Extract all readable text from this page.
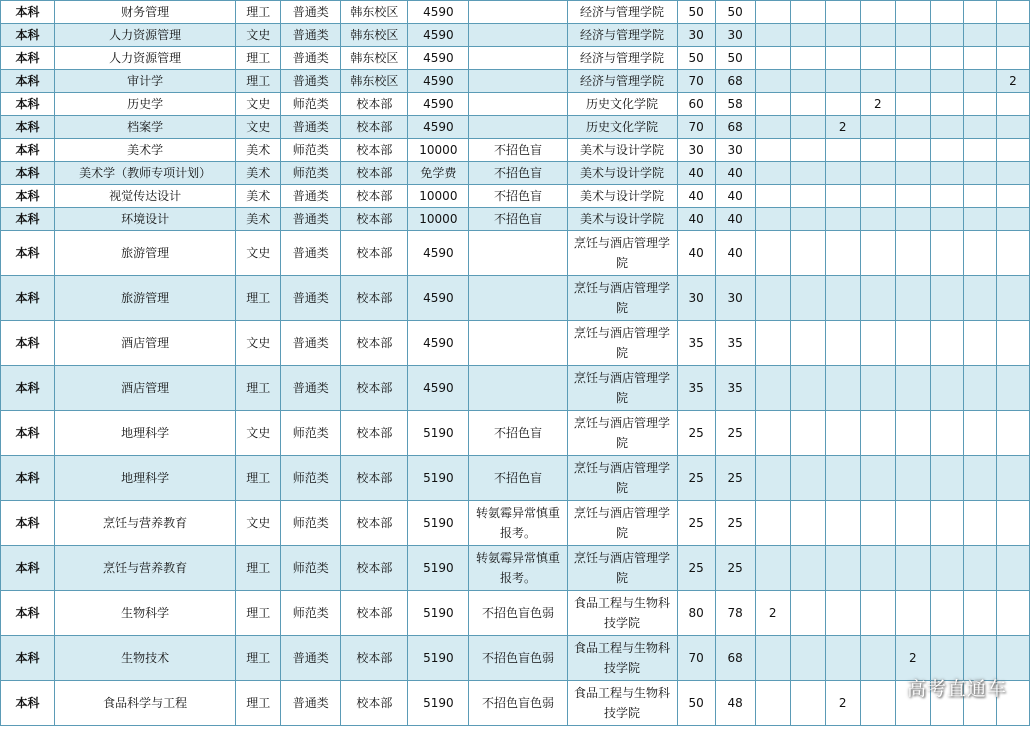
本科	财务管理	理工	普通类	韩东校区	4590		经济与管理学院	50	50								
本科	人力资源管理	文史	普通类	韩东校区	4590		经济与管理学院	30	30								
本科	人力资源管理	理工	普通类	韩东校区	4590		经济与管理学院	50	50								
本科	审计学	理工	普通类	韩东校区	4590		经济与管理学院	70	68								2
本科	历史学	文史	师范类	校本部	4590		历史文化学院	60	58				2				
本科	档案学	文史	普通类	校本部	4590		历史文化学院	70	68			2					
本科	美术学	美术	师范类	校本部	10000	不招色盲	美术与设计学院	30	30								
本科	美术学（教师专项计划）	美术	师范类	校本部	免学费	不招色盲	美术与设计学院	40	40								
本科	视觉传达设计	美术	普通类	校本部	10000	不招色盲	美术与设计学院	40	40								
本科	环境设计	美术	普通类	校本部	10000	不招色盲	美术与设计学院	40	40								
本科	旅游管理	文史	普通类	校本部	4590		烹饪与酒店管理学院	40	40								
本科	旅游管理	理工	普通类	校本部	4590		烹饪与酒店管理学院	30	30								
本科	酒店管理	文史	普通类	校本部	4590		烹饪与酒店管理学院	35	35								
本科	酒店管理	理工	普通类	校本部	4590		烹饪与酒店管理学院	35	35								
本科	地理科学	文史	师范类	校本部	5190	不招色盲	烹饪与酒店管理学院	25	25								
本科	地理科学	理工	师范类	校本部	5190	不招色盲	烹饪与酒店管理学院	25	25								
本科	烹饪与营养教育	文史	师范类	校本部	5190	转氨霉异常慎重报考。	烹饪与酒店管理学院	25	25								
本科	烹饪与营养教育	理工	师范类	校本部	5190	转氨霉异常慎重报考。	烹饪与酒店管理学院	25	25								
本科	生物科学	理工	师范类	校本部	5190	不招色盲色弱	食品工程与生物科技学院	80	78	2							
本科	生物技术	理工	普通类	校本部	5190	不招色盲色弱	食品工程与生物科技学院	70	68					2			
本科	食品科学与工程	理工	普通类	校本部	5190	不招色盲色弱	食品工程与生物科技学院	50	48			2					
高考直通车
